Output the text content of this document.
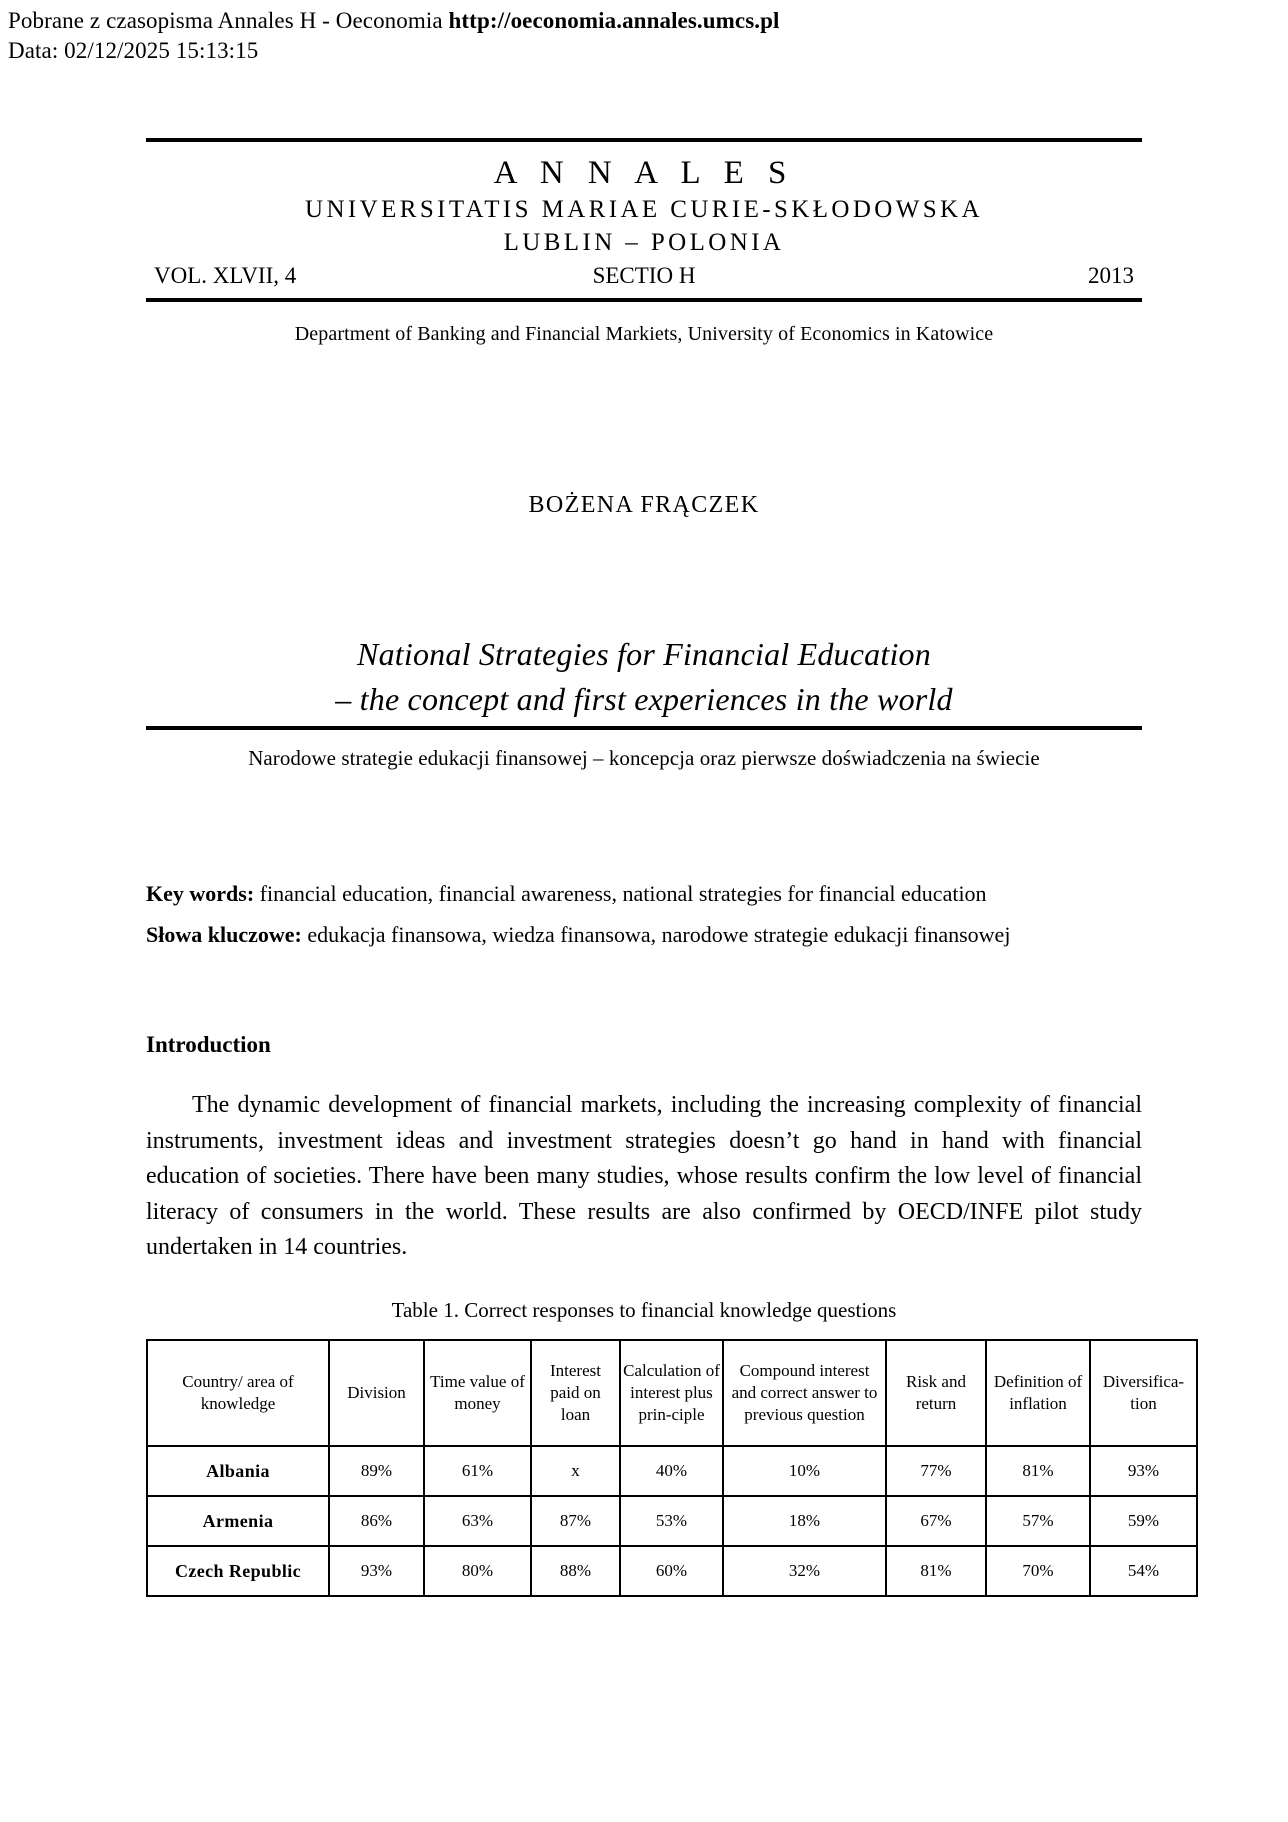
Pobrane z czasopisma Annales H - Oeconomia http://oeconomia.annales.umcs.pl
Data: 02/12/2025 15:13:15
A N N A L E S
UNIVERSITATIS MARIAE CURIE-SKŁODOWSKA
LUBLIN – POLONIA
VOL. XLVII, 4	SECTIO H	2013
Department of Banking and Financial Markiets, University of Economics in Katowice
BOŻENA FRĄCZEK
National Strategies for Financial Education
– the concept and first experiences in the world
Narodowe strategie edukacji finansowej – koncepcja oraz pierwsze doświadczenia na świecie
Key words: financial education, financial awareness, national strategies for financial education
Słowa kluczowe: edukacja finansowa, wiedza finansowa, narodowe strategie edukacji finansowej
Introduction
The dynamic development of financial markets, including the increasing complexity of financial instruments, investment ideas and investment strategies doesn’t go hand in hand with financial education of societies. There have been many studies, whose results confirm the low level of financial literacy of consumers in the world. These results are also confirmed by OECD/INFE pilot study undertaken in 14 countries.
Table 1. Correct responses to financial knowledge questions
Country/ area of knowledge	Division	Time value of money	Interest paid on loan	Calculation of interest plus prin-ciple	Compound interest and correct answer to previous question	Risk and return	Definition of inflation	Diversifica-tion
Albania	89%	61%	x	40%	10%	77%	81%	93%
Armenia	86%	63%	87%	53%	18%	67%	57%	59%
Czech Republic	93%	80%	88%	60%	32%	81%	70%	54%
